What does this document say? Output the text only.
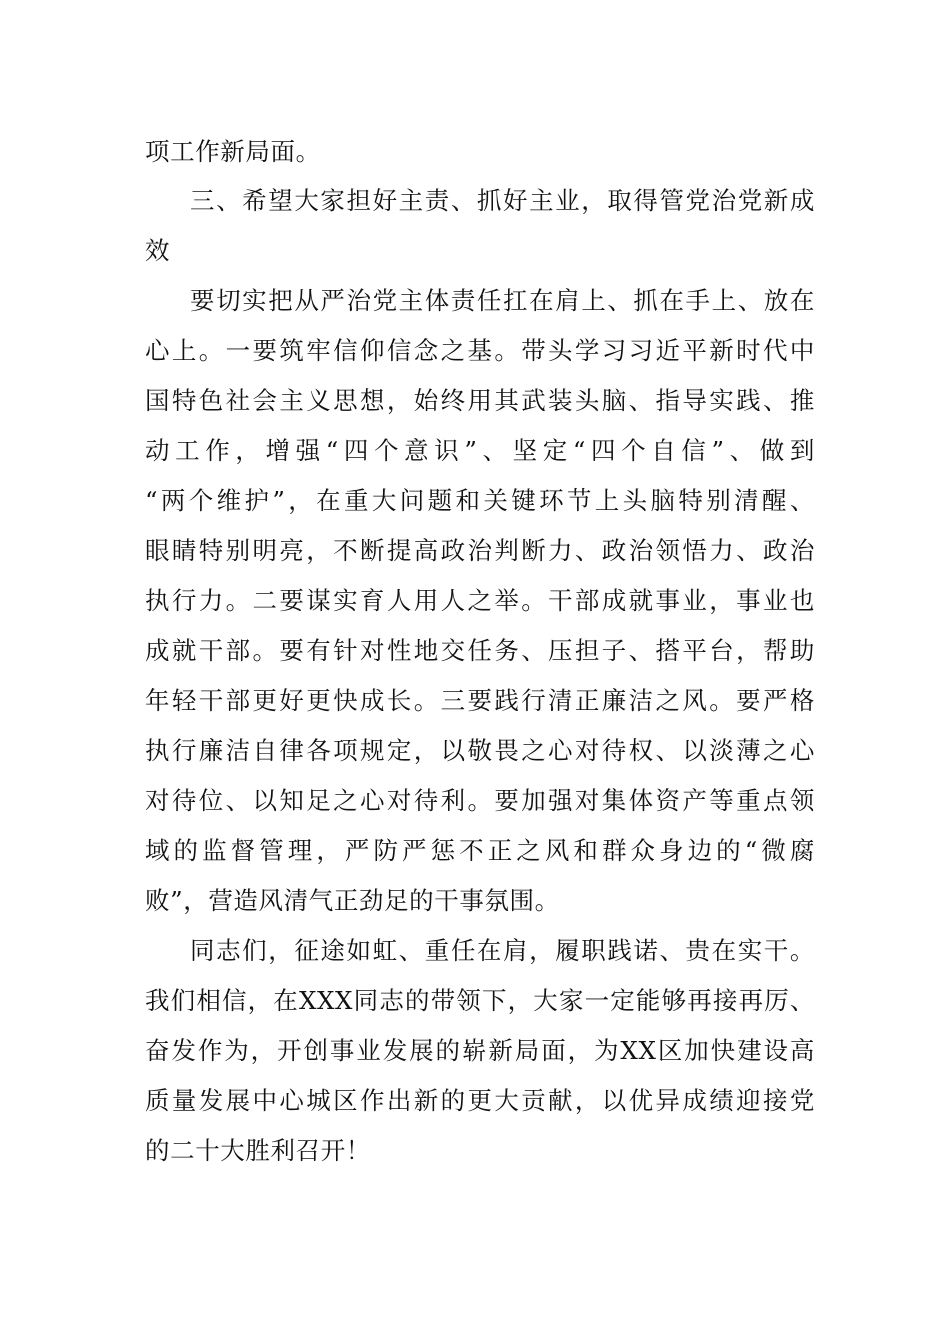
项工作新局面。
三、希望大家担好主责、抓好主业，取得管党治党新成
效
要切实把从严治党主体责任扛在肩上、抓在手上、放在
心上。一要筑牢信仰信念之基。带头学习习近平新时代中
国特色社会主义思想，始终用其武装头脑、指导实践、推
动工作，增强“四个意识”、坚定“四个自信”、做到
“两个维护”，在重大问题和关键环节上头脑特别清醒、
眼睛特别明亮，不断提高政治判断力、政治领悟力、政治
执行力。二要谋实育人用人之举。干部成就事业，事业也
成就干部。要有针对性地交任务、压担子、搭平台，帮助
年轻干部更好更快成长。三要践行清正廉洁之风。要严格
执行廉洁自律各项规定，以敬畏之心对待权、以淡薄之心
对待位、以知足之心对待利。要加强对集体资产等重点领
域的监督管理，严防严惩不正之风和群众身边的“微腐
败”，营造风清气正劲足的干事氛围。
同志们，征途如虹、重任在肩，履职践诺、贵在实干。
我们相信，在XXX同志的带领下，大家一定能够再接再厉、
奋发作为，开创事业发展的崭新局面，为XX区加快建设高
质量发展中心城区作出新的更大贡献，以优异成绩迎接党
的二十大胜利召开！
